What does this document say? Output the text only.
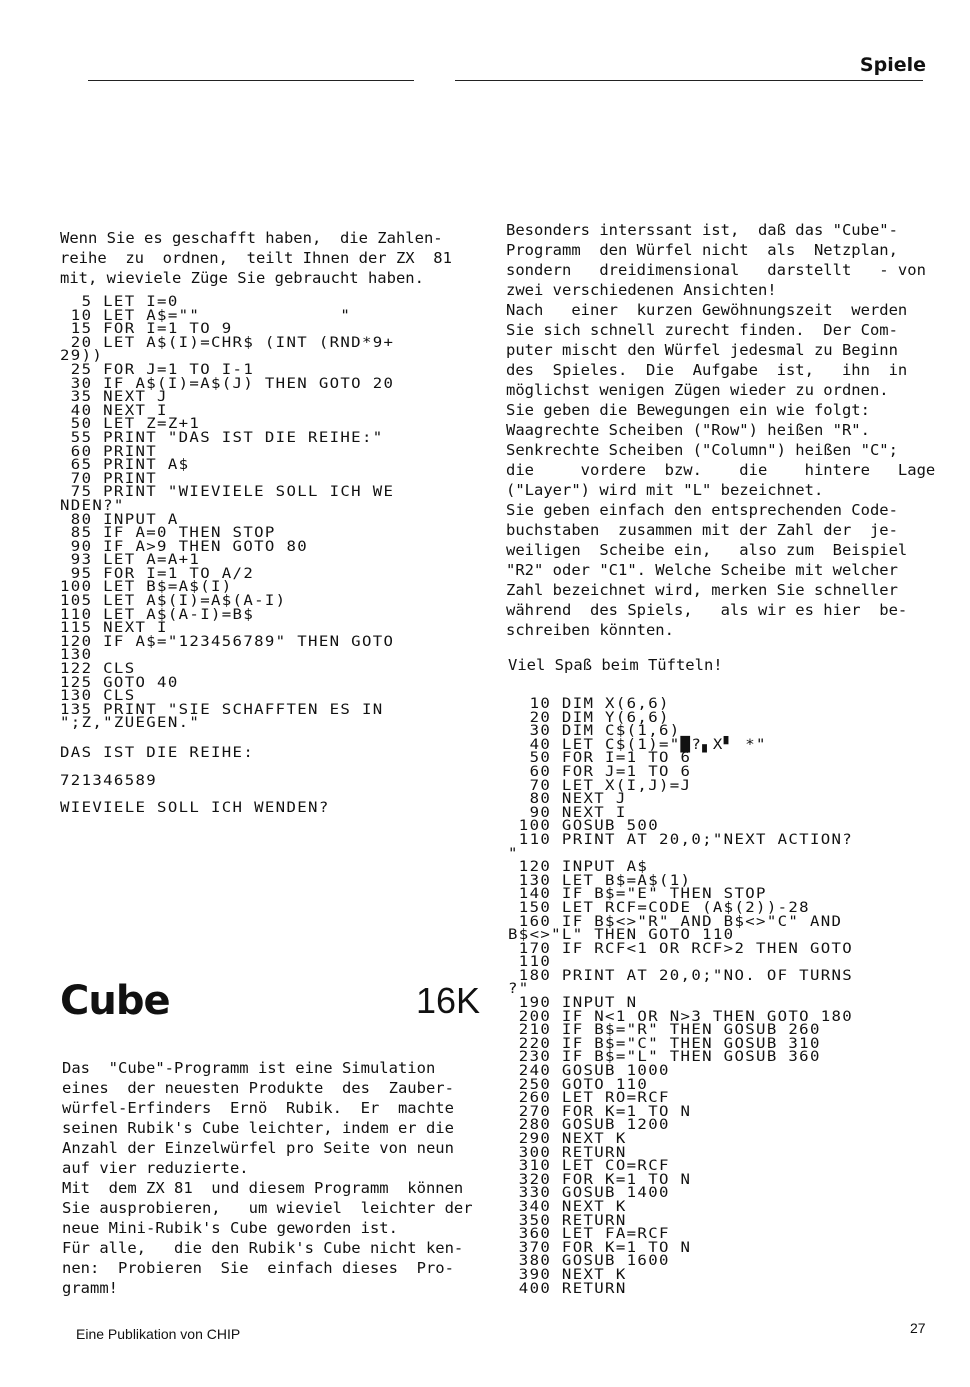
Spiele
Wenn Sie es geschafft haben,  die Zahlen-
reihe  zu  ordnen,  teilt Ihnen der ZX  81
mit, wieviele Züge Sie gebraucht haben.
5 LET I=0
10 LET A$=""             "
15 FOR I=1 TO 9
20 LET A$(I)=CHR$ (INT (RND*9+
29))
25 FOR J=1 TO I-1
30 IF A$(I)=A$(J) THEN GOTO 20
35 NEXT J
40 NEXT I
50 LET Z=Z+1
55 PRINT "DAS IST DIE REIHE:"
60 PRINT
65 PRINT A$
70 PRINT
75 PRINT "WIEVIELE SOLL ICH WE
NDEN?"
80 INPUT A
85 IF A=0 THEN STOP
90 IF A>9 THEN GOTO 80
93 LET A=A+1
95 FOR I=1 TO A/2
100 LET B$=A$(I)
105 LET A$(I)=A$(A-I)
110 LET A$(A-I)=B$
115 NEXT I
120 IF A$="123456789" THEN GOTO
130
122 CLS
125 GOTO 40
130 CLS
135 PRINT "SIE SCHAFFTEN ES IN
";Z,"ZUEGEN."
DAS IST DIE REIHE:
721346589
WIEVIELE SOLL ICH WENDEN?
Cube	16K
Das  "Cube"-Programm ist eine Simulation
eines  der neuesten Produkte  des  Zauber-
würfel-Erfinders  Ernö  Rubik.  Er  machte
seinen Rubik's Cube leichter, indem er die
Anzahl der Einzelwürfel pro Seite von neun
auf vier reduzierte.
Mit  dem ZX 81  und diesem Programm  können
Sie ausprobieren,   um wieviel  leichter der
neue Mini-Rubik's Cube geworden ist.
Für alle,   die den Rubik's Cube nicht ken-
nen:  Probieren  Sie  einfach dieses  Pro-
gramm!
Besonders interssant ist,  daß das "Cube"-
Programm  den Würfel nicht  als  Netzplan,
sondern   dreidimensional   darstellt   - von
zwei verschiedenen Ansichten!
Nach   einer  kurzen Gewöhnungszeit  werden
Sie sich schnell zurecht finden.  Der Com-
puter mischt den Würfel jedesmal zu Beginn
des  Spieles.  Die  Aufgabe  ist,   ihn  in
möglichst wenigen Zügen wieder zu ordnen.
Sie geben die Bewegungen ein wie folgt:
Waagrechte Scheiben ("Row") heißen "R".
Senkrechte Scheiben ("Column") heißen "C";
die     vordere  bzw.    die    hintere   Lage
("Layer") wird mit "L" bezeichnet.
Sie geben einfach den entsprechenden Code-
buchstaben  zusammen mit der Zahl der  je-
weiligen  Scheibe ein,   also zum  Beispiel
"R2" oder "C1". Welche Scheibe mit welcher
Zahl bezeichnet wird, merken Sie schneller
während  des Spiels,   als wir es hier  be-
schreiben könnten.
Viel Spaß beim Tüfteln!
10 DIM X(6,6)
20 DIM Y(6,6)
30 DIM C$(1,6)
40 LET C$(1)="█?▖X▘ *"
50 FOR I=1 TO 6
60 FOR J=1 TO 6
70 LET X(I,J)=J
80 NEXT J
90 NEXT I
100 GOSUB 500
110 PRINT AT 20,0;"NEXT ACTION?
"
120 INPUT A$
130 LET B$=A$(1)
140 IF B$="E" THEN STOP
150 LET RCF=CODE (A$(2))-28
160 IF B$<>"R" AND B$<>"C" AND
B$<>"L" THEN GOTO 110
170 IF RCF<1 OR RCF>2 THEN GOTO
110
180 PRINT AT 20,0;"NO. OF TURNS
?"
190 INPUT N
200 IF N<1 OR N>3 THEN GOTO 180
210 IF B$="R" THEN GOSUB 260
220 IF B$="C" THEN GOSUB 310
230 IF B$="L" THEN GOSUB 360
240 GOSUB 1000
250 GOTO 110
260 LET RO=RCF
270 FOR K=1 TO N
280 GOSUB 1200
290 NEXT K
300 RETURN
310 LET CO=RCF
320 FOR K=1 TO N
330 GOSUB 1400
340 NEXT K
350 RETURN
360 LET FA=RCF
370 FOR K=1 TO N
380 GOSUB 1600
390 NEXT K
400 RETURN
Eine Publikation von CHIP	27
